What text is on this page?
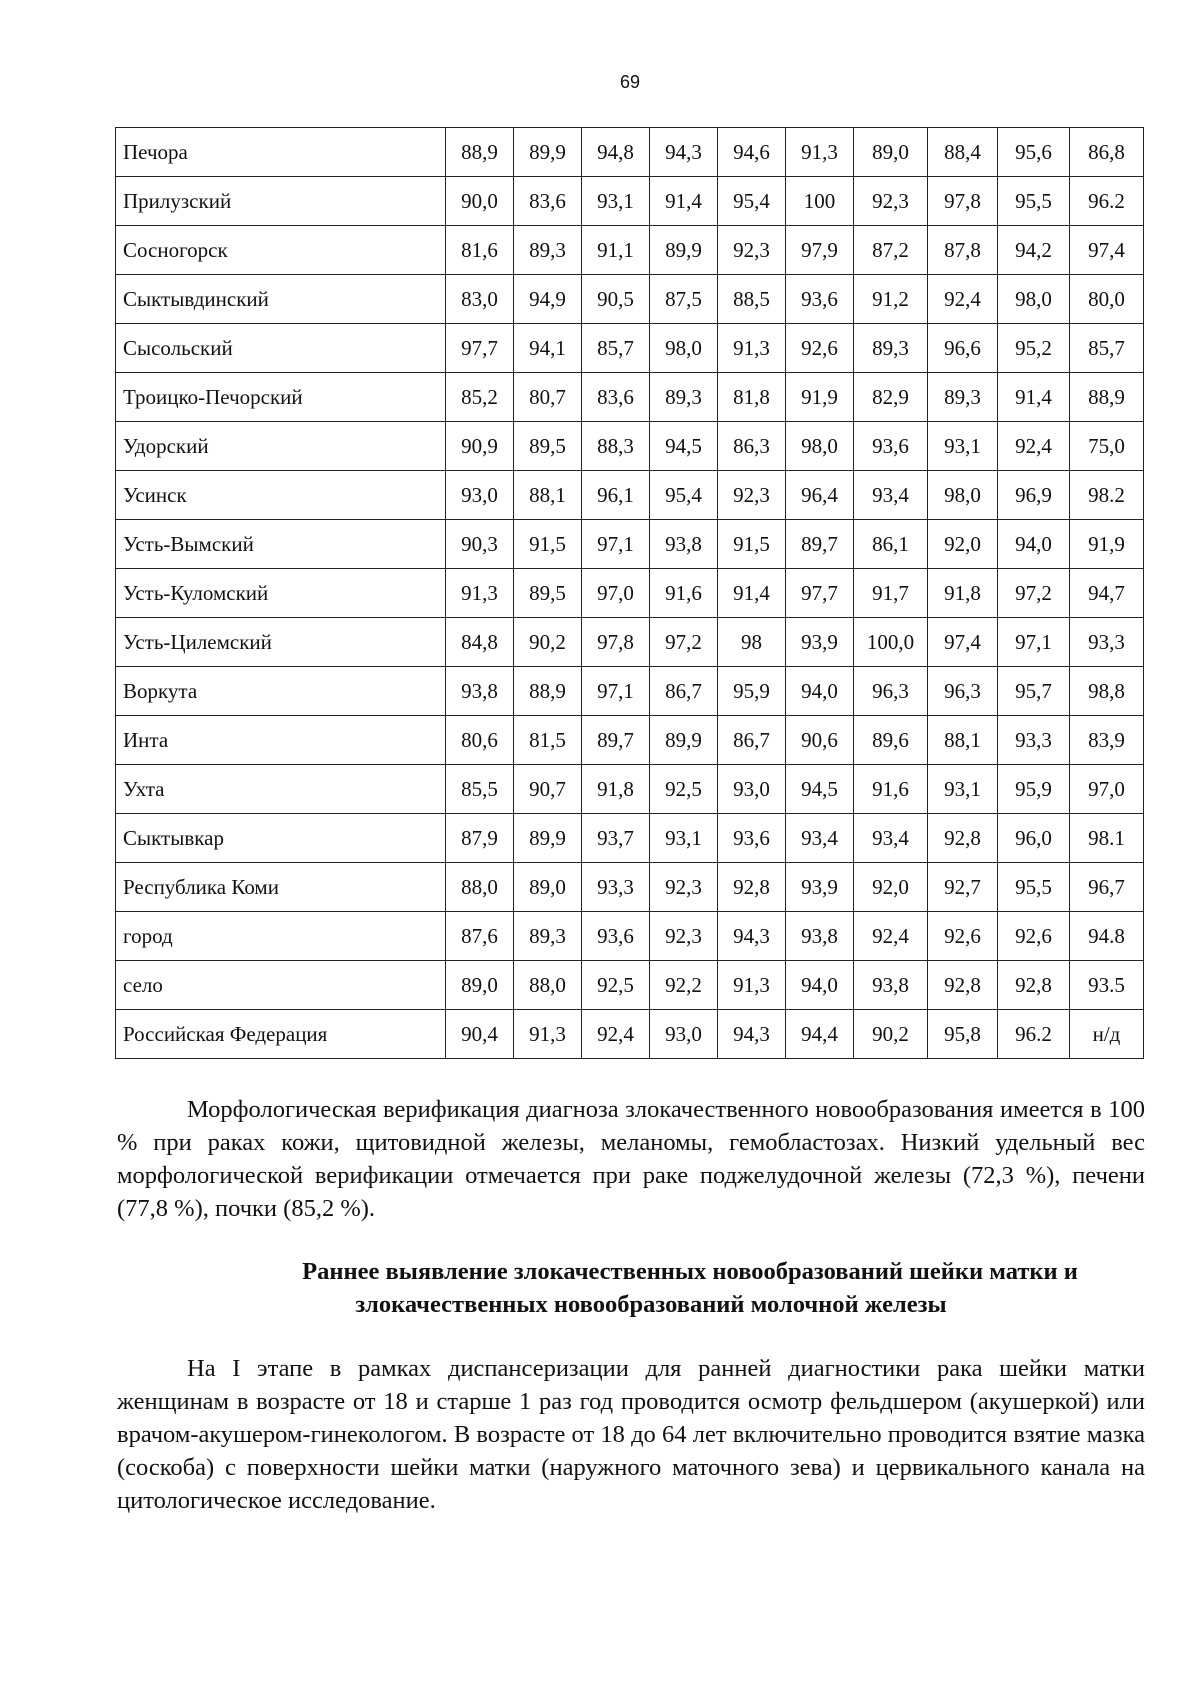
69
Печора	88,9	89,9	94,8	94,3	94,6	91,3	89,0	88,4	95,6	86,8
Прилузский	90,0	83,6	93,1	91,4	95,4	100	92,3	97,8	95,5	96.2
Сосногорск	81,6	89,3	91,1	89,9	92,3	97,9	87,2	87,8	94,2	97,4
Сыктывдинский	83,0	94,9	90,5	87,5	88,5	93,6	91,2	92,4	98,0	80,0
Сысольский	97,7	94,1	85,7	98,0	91,3	92,6	89,3	96,6	95,2	85,7
Троицко-Печорский	85,2	80,7	83,6	89,3	81,8	91,9	82,9	89,3	91,4	88,9
Удорский	90,9	89,5	88,3	94,5	86,3	98,0	93,6	93,1	92,4	75,0
Усинск	93,0	88,1	96,1	95,4	92,3	96,4	93,4	98,0	96,9	98.2
Усть-Вымский	90,3	91,5	97,1	93,8	91,5	89,7	86,1	92,0	94,0	91,9
Усть-Куломский	91,3	89,5	97,0	91,6	91,4	97,7	91,7	91,8	97,2	94,7
Усть-Цилемский	84,8	90,2	97,8	97,2	98	93,9	100,0	97,4	97,1	93,3
Воркута	93,8	88,9	97,1	86,7	95,9	94,0	96,3	96,3	95,7	98,8
Инта	80,6	81,5	89,7	89,9	86,7	90,6	89,6	88,1	93,3	83,9
Ухта	85,5	90,7	91,8	92,5	93,0	94,5	91,6	93,1	95,9	97,0
Сыктывкар	87,9	89,9	93,7	93,1	93,6	93,4	93,4	92,8	96,0	98.1
Республика Коми	88,0	89,0	93,3	92,3	92,8	93,9	92,0	92,7	95,5	96,7
город	87,6	89,3	93,6	92,3	94,3	93,8	92,4	92,6	92,6	94.8
село	89,0	88,0	92,5	92,2	91,3	94,0	93,8	92,8	92,8	93.5
Российская Федерация	90,4	91,3	92,4	93,0	94,3	94,4	90,2	95,8	96.2	н/д

Морфологическая верификация диагноза злокачественного новообразования имеется в 100 % при раках кожи, щитовидной железы, меланомы, гемобластозах. Низкий удельный вес морфологической верификации отмечается при раке поджелудочной железы (72,3 %), печени (77,8 %), почки (85,2 %).

Раннее выявление злокачественных новообразований шейки матки и
злокачественных новообразований молочной железы

На I этапе в рамках диспансеризации для ранней диагностики рака шейки матки женщинам в возрасте от 18 и старше 1 раз год проводится осмотр фельдшером (акушеркой) или врачом-акушером-гинекологом. В возрасте от 18 до 64 лет включительно проводится взятие мазка (соскоба) с поверхности шейки матки (наружного маточного зева) и цервикального канала на цитологическое исследование.
